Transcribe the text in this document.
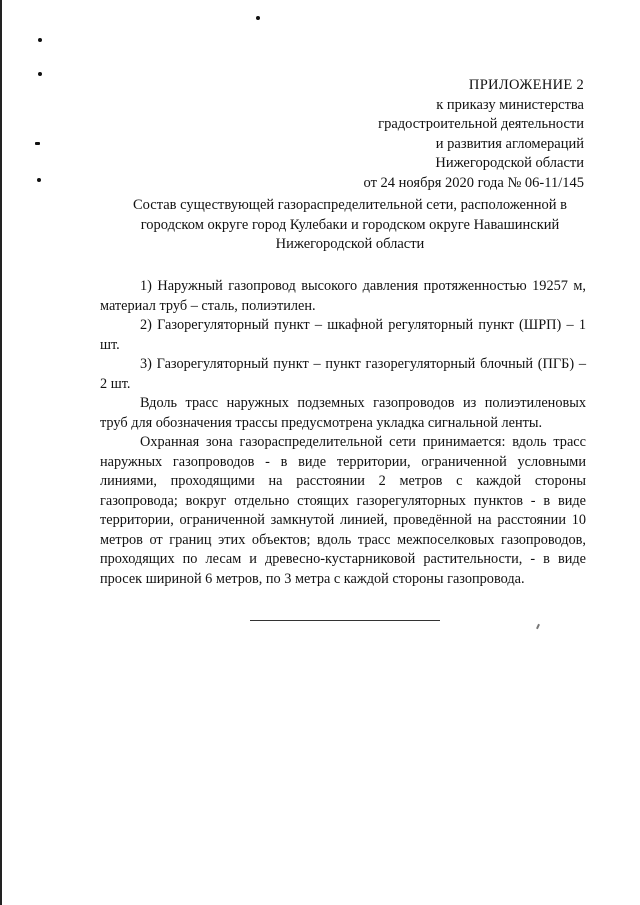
ПРИЛОЖЕНИЕ 2
к приказу министерства
градостроительной деятельности
и развития агломераций
Нижегородской области
от 24 ноября 2020 года № 06-11/145
Состав существующей газораспределительной сети, расположенной в
городском округе город Кулебаки и городском округе Навашинский
Нижегородской области

1) Наружный газопровод высокого давления протяженностью 19257 м, материал труб – сталь, полиэтилен.

2) Газорегуляторный пункт – шкафной регуляторный пункт (ШРП) – 1 шт.

3) Газорегуляторный пункт – пункт газорегуляторный блочный (ПГБ) – 2 шт.

Вдоль трасс наружных подземных газопроводов из полиэтиленовых труб для обозначения трассы предусмотрена укладка сигнальной ленты.

Охранная зона газораспределительной сети принимается: вдоль трасс наружных газопроводов - в виде территории, ограниченной условными линиями, проходящими на расстоянии 2 метров с каждой стороны газопровода; вокруг отдельно стоящих газорегуляторных пунктов - в виде территории, ограниченной замкнутой линией, проведённой на расстоянии 10 метров от границ этих объектов; вдоль трасс межпоселковых газопроводов, проходящих по лесам и древесно-кустарниковой растительности, - в виде просек шириной 6 метров, по 3 метра с каждой стороны газопровода.
